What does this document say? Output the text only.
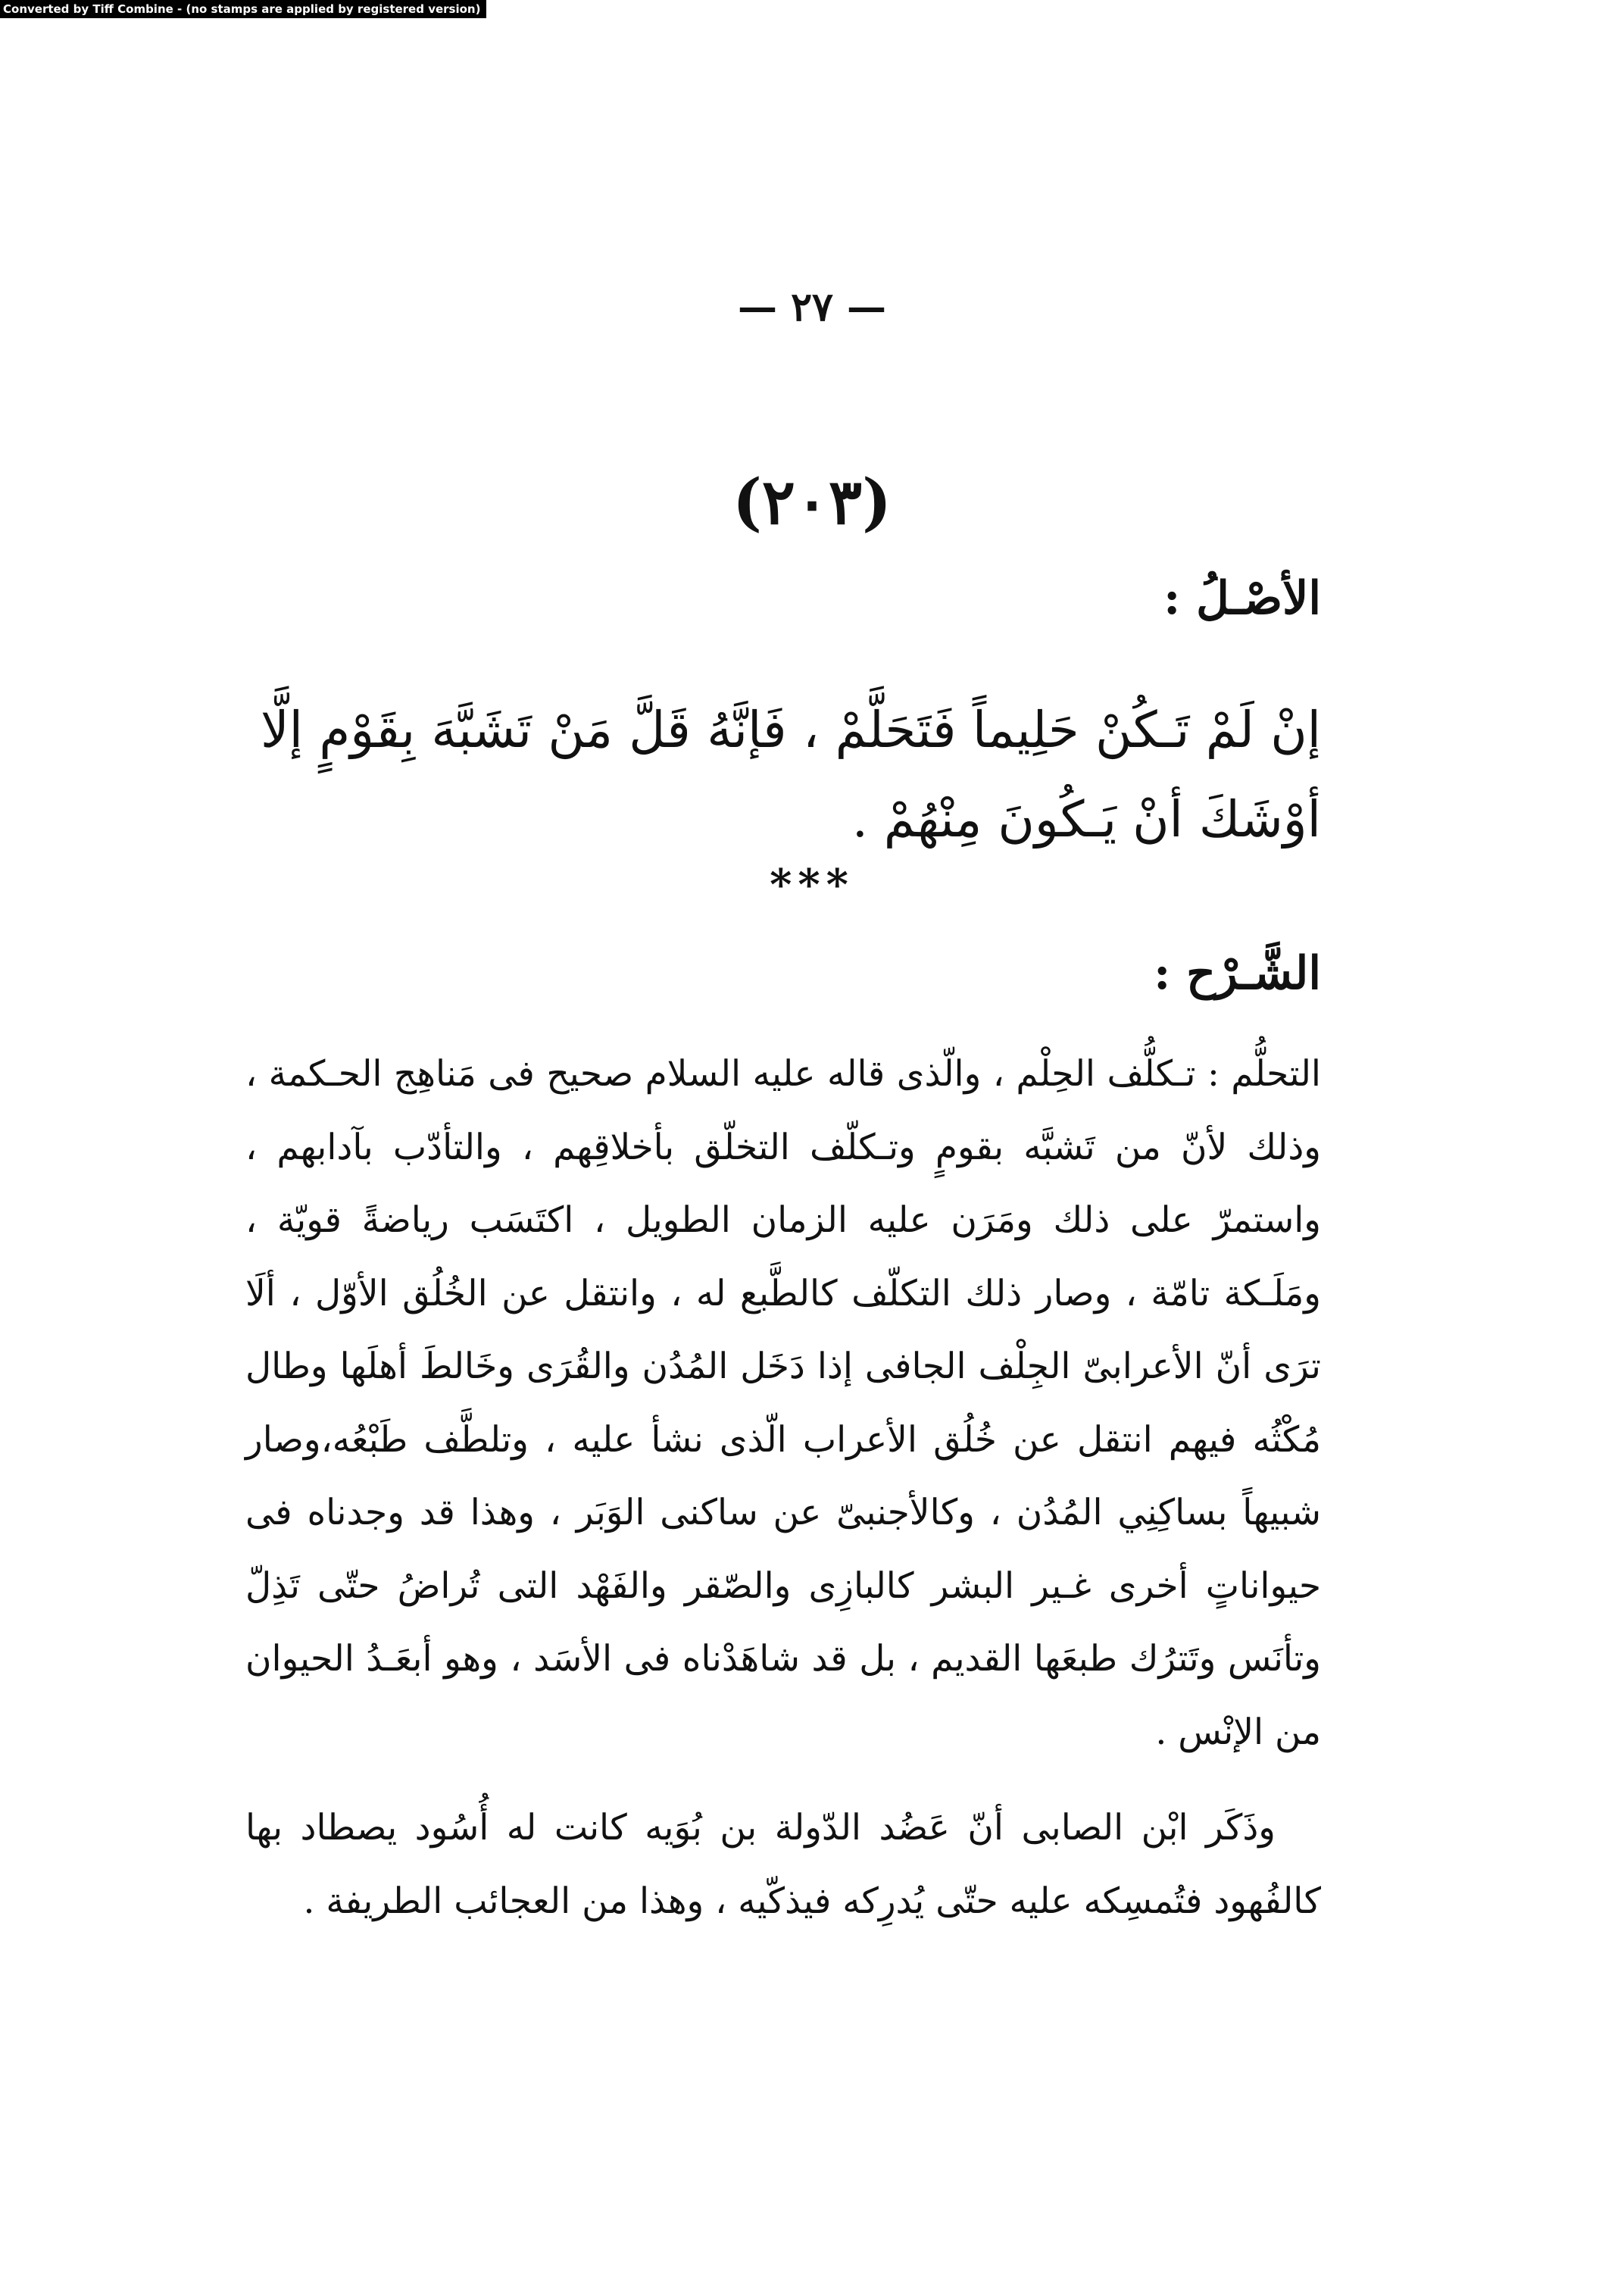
Converted by Tiff Combine - (no stamps are applied by registered version)
— ٢٧ —
(٢٠٣)
الأصْـلُ :
إنْ لَمْ تَـكُنْ حَلِيماً فَتَحَلَّمْ ، فَإنَّهُ قَلَّ مَنْ تَشَبَّهَ بِقَوْمٍ إلَّا أوْشَكَ أنْ يَـكُونَ مِنْهُمْ .
***
الشَّـرْح :
التحلُّم : تـكلُّف الحِلْم ، والّذى قاله عليه السلام صحيح فى مَناهِج الحـكمة ، وذلك لأنّ من تَشبَّه بقومٍ وتـكلّف التخلّق بأخلاقِهم ، والتأدّب بآدابهم ، واستمرّ على ذلك ومَرَن عليه الزمان الطويل ، اكتَسَب رياضةً قويّة ، ومَلَـكة تامّة ، وصار ذلك التكلّف كالطَّبع له ، وانتقل عن الخُلُق الأوّل ، ألَا ترَى أنّ الأعرابىّ الجِلْف الجافى إذا دَخَل المُدُن والقُرَى وخَالطَ أهلَها وطال مُكْثُه فيهم انتقل عن خُلُق الأعراب الّذى نشأ عليه ، وتلطَّف طَبْعُه،وصار شبيهاً بساكِنِي المُدُن ، وكالأجنبىّ عن ساكنى الوَبَر ، وهذا قد وجدناه فى حيواناتٍ أخرى غـير البشر كالبازِى والصّقر والفَهْد التى تُراضُ حتّى تَذِلّ وتأنَس وتَترُك طبعَها القديم ، بل قد شاهَدْناه فى الأسَد ، وهو أبعَـدُ الحيوان من الإنْس .
وذَكَر ابْن الصابى أنّ عَضُد الدّولة بن بُوَيه كانت له أُسُود يصطاد بها كالفُهود فتُمسِكه عليه حتّى يُدرِكه فيذكّيه ، وهذا من العجائب الطريفة .
